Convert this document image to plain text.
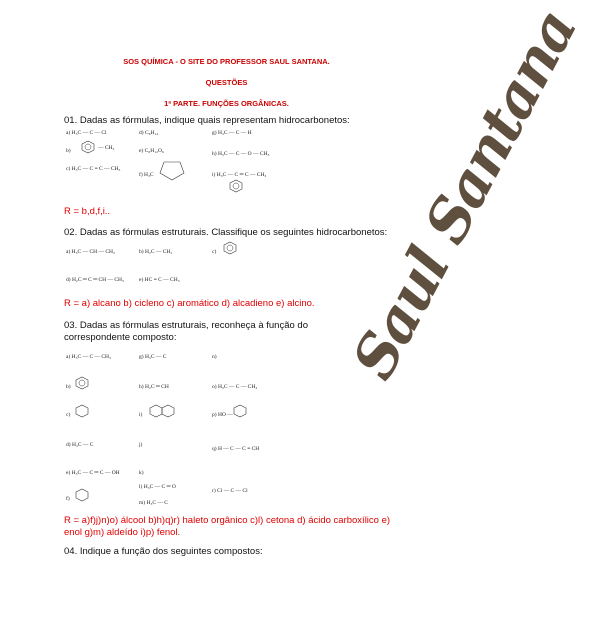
SOS QUÍMICA - O SITE DO PROFESSOR SAUL SANTANA.
QUESTÕES
1ª PARTE. FUNÇÕES ORGÂNICAS.
01. Dadas as fórmulas, indique quais representam hidrocarbonetos:
a) H₃C — C — Cl
b)	— CH₃
c) H₃C — C ≡ C — CH₃
d) C₆H₁₄
e) C₆H₁₂O₆
f) H₃C
g) H₃C — C — H
h) H₃C — C — O — CH₃
i) H₃C — C ═ C — CH₃
R = b,d,f,i..
02. Dadas as fórmulas estruturais. Classifique os seguintes hidrocarbonetos:
a) H₃C — CH — CH₃	b) H₂C — CH₂	c)
d) H₂C ═ C ═ CH — CH₃	e) HC ≡ C — CH₃
R = a) alcano b) cicleno c) aromático d) alcadieno e) alcino.
03. Dadas as fórmulas estruturais, reconheça à função do correspondente composto:
a) H₃C — C — CH₃
b)
c)
d) H₃C — C
e) H₃C — C ═ C — OH
f)
g) H₃C — C
h) H₂C ═ CH
i)
j)
k)
l) H₃C — C ═ O
m) H₃C — C
n)
o) H₃C — C — CH₃
p) HO —
q) H — C — C ≡ CH
r) Cl — C — Cl
R = a)f)j)n)o) álcool b)h)q)r) haleto orgânico c)l) cetona d) ácido carboxílico e) enol g)m) aldeído i)p) fenol.
04. Indique a função dos seguintes compostos:
Saul Santana
